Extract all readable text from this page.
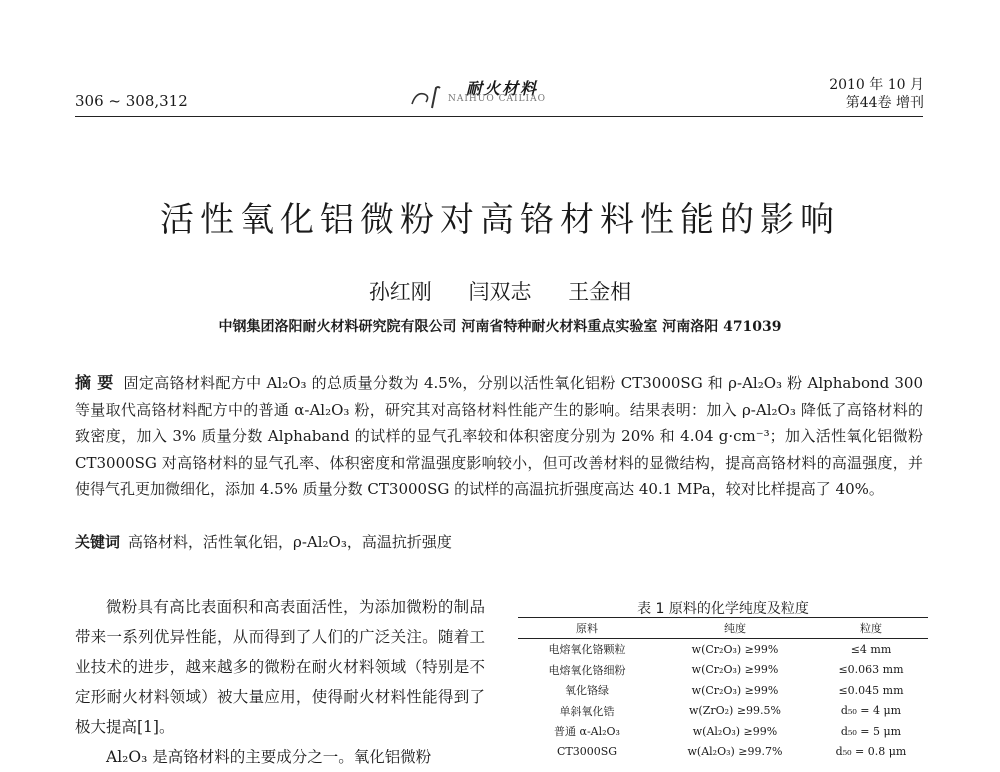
306 ~ 308,312
耐火材料
NAIHUO CAILIAO
2010 年 10 月
第44卷 增刊
活性氧化铝微粉对高铬材料性能的影响
孙红刚 闫双志 王金相
中钢集团洛阳耐火材料研究院有限公司 河南省特种耐火材料重点实验室 河南洛阳 471039
摘 要 固定高铬材料配方中 Al₂O₃ 的总质量分数为 4.5%，分别以活性氧化铝粉 CT3000SG 和 ρ-Al₂O₃ 粉 Alphabond 300 等量取代高铬材料配方中的普通 α-Al₂O₃ 粉，研究其对高铬材料性能产生的影响。结果表明：加入 ρ-Al₂O₃ 降低了高铬材料的致密度，加入 3% 质量分数 Alphaband 的试样的显气孔率较和体积密度分别为 20% 和 4.04 g·cm⁻³；加入活性氧化铝微粉 CT3000SG 对高铬材料的显气孔率、体积密度和常温强度影响较小，但可改善材料的显微结构，提高高铬材料的高温强度，并使得气孔更加微细化，添加 4.5% 质量分数 CT3000SG 的试样的高温抗折强度高达 40.1 MPa，较对比样提高了 40%。
关键词 高铬材料，活性氧化铝，ρ-Al₂O₃，高温抗折强度

微粉具有高比表面积和高表面活性，为添加微粉的制品带来一系列优异性能，从而得到了人们的广泛关注。随着工业技术的进步，越来越多的微粉在耐火材料领域（特别是不定形耐火材料领域）被大量应用，使得耐火材料性能得到了极大提高[1]。

Al₂O₃ 是高铬材料的主要成分之一。氧化铝微粉

表 1 原料的化学纯度及粒度
原料	纯度	粒度
电熔氧化铬颗粒	w(Cr₂O₃) ≥99%	≤4 mm
电熔氧化铬细粉	w(Cr₂O₃) ≥99%	≤0.063 mm
氧化铬绿	w(Cr₂O₃) ≥99%	≤0.045 mm
单斜氧化锆	w(ZrO₂) ≥99.5%	d₅₀ = 4 μm
普通 α-Al₂O₃	w(Al₂O₃) ≥99%	d₅₀ = 5 μm
CT3000SG	w(Al₂O₃) ≥99.7%	d₅₀ = 0.8 μm
